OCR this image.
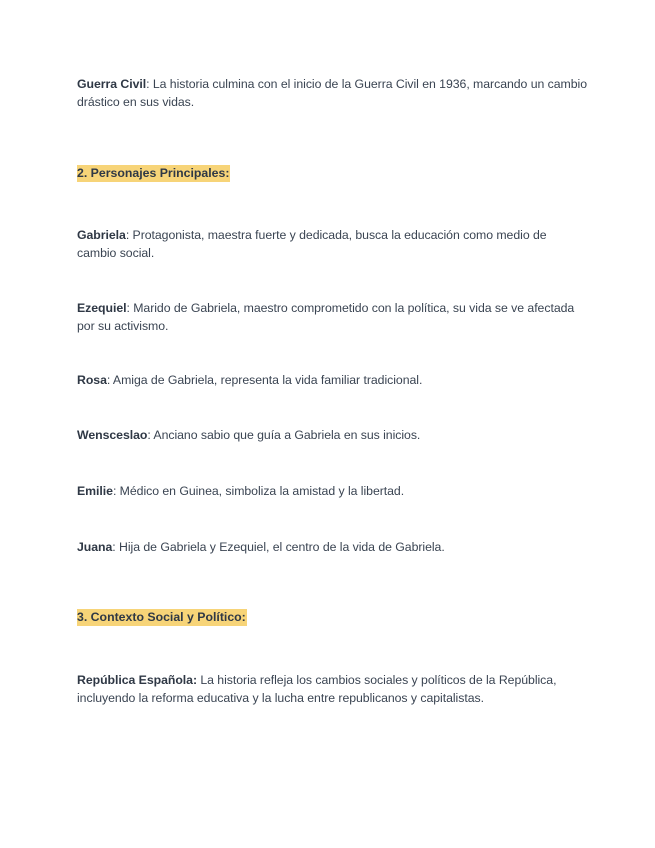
Guerra Civil: La historia culmina con el inicio de la Guerra Civil en 1936, marcando un cambio drástico en sus vidas.
2. Personajes Principales:
Gabriela: Protagonista, maestra fuerte y dedicada, busca la educación como medio de cambio social.
Ezequiel: Marido de Gabriela, maestro comprometido con la política, su vida se ve afectada por su activismo.
Rosa: Amiga de Gabriela, representa la vida familiar tradicional.
Wensceslao: Anciano sabio que guía a Gabriela en sus inicios.
Emilie: Médico en Guinea, simboliza la amistad y la libertad.
Juana: Hija de Gabriela y Ezequiel, el centro de la vida de Gabriela.
3. Contexto Social y Político:
República Española: La historia refleja los cambios sociales y políticos de la República, incluyendo la reforma educativa y la lucha entre republicanos y capitalistas.
